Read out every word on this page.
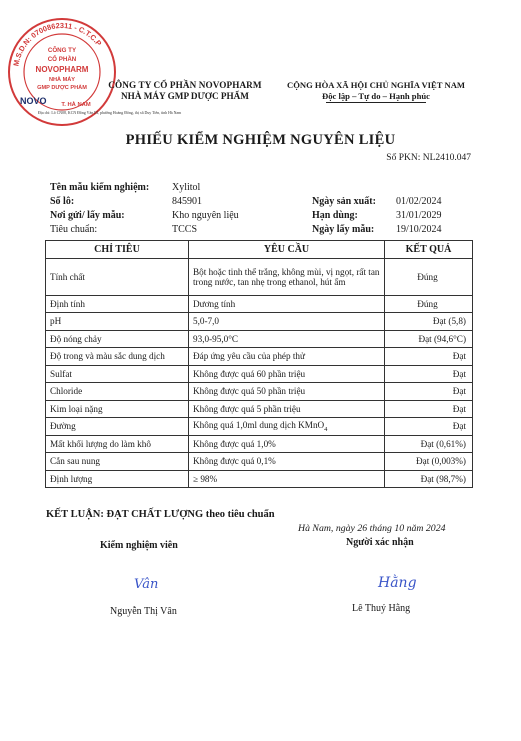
M.S.D.N: 0700862311 - C.T.C.P
CÔNG TY
CỔ PHẦN
NOVOPHARM
NHÀ MÁY
GMP DƯỢC PHẨM
T. HÀ NAM
NOVO
CÔNG TY CỔ PHẦN NOVOPHARM
NHÀ MÁY GMP DƯỢC PHẨM
Địa chỉ: Lô CN08, KCN Đồng Văn III, phường Hoàng Đông, thị xã Duy Tiên, tỉnh Hà Nam
CỘNG HÒA XÃ HỘI CHỦ NGHĨA VIỆT NAM
Độc lập – Tự do – Hạnh phúc
PHIẾU KIỂM NGHIỆM NGUYÊN LIỆU
Số PKN: NL2410.047
Tên mẫu kiểm nghiệm: Xylitol
Số lô:	845901	Ngày sản xuất: 01/02/2024
Nơi gửi/ lấy mẫu:	Kho nguyên liệu	Hạn dùng:	31/01/2029
Tiêu chuẩn:	TCCS	Ngày lấy mẫu: 19/10/2024
CHỈ TIÊU	YÊU CẦU	KẾT QUẢ
Tính chất	Bột hoặc tinh thể trắng, không mùi, vị ngọt, rất tan trong nước, tan nhẹ trong ethanol, hút ẩm	Đúng
Định tính	Dương tính	Đúng
pH	5,0-7,0	Đạt (5,8)
Độ nóng chảy	93,0-95,0°C	Đạt (94,6°C)
Độ trong và màu sắc dung dịch	Đáp ứng yêu cầu của phép thử	Đạt
Sulfat	Không được quá 60 phần triệu	Đạt
Chloride	Không được quá 50 phần triệu	Đạt
Kim loại nặng	Không được quá 5 phần triệu	Đạt
Đường	Không quá 1,0ml dung dịch KMnO$_4$	Đạt
Mất khối lượng do làm khô	Không được quá 1,0%	Đạt (0,61%)
Cắn sau nung	Không được quá 0,1%	Đạt (0,003%)
Định lượng	≥ 98%	Đạt (98,7%)
KẾT LUẬN: ĐẠT CHẤT LƯỢNG theo tiêu chuẩn
Hà Nam, ngày 26 tháng 10 năm 2024
Kiểm nghiệm viên	Người xác nhận
Vân	Hằng
Nguyễn Thị Vân	Lê Thuý Hằng
